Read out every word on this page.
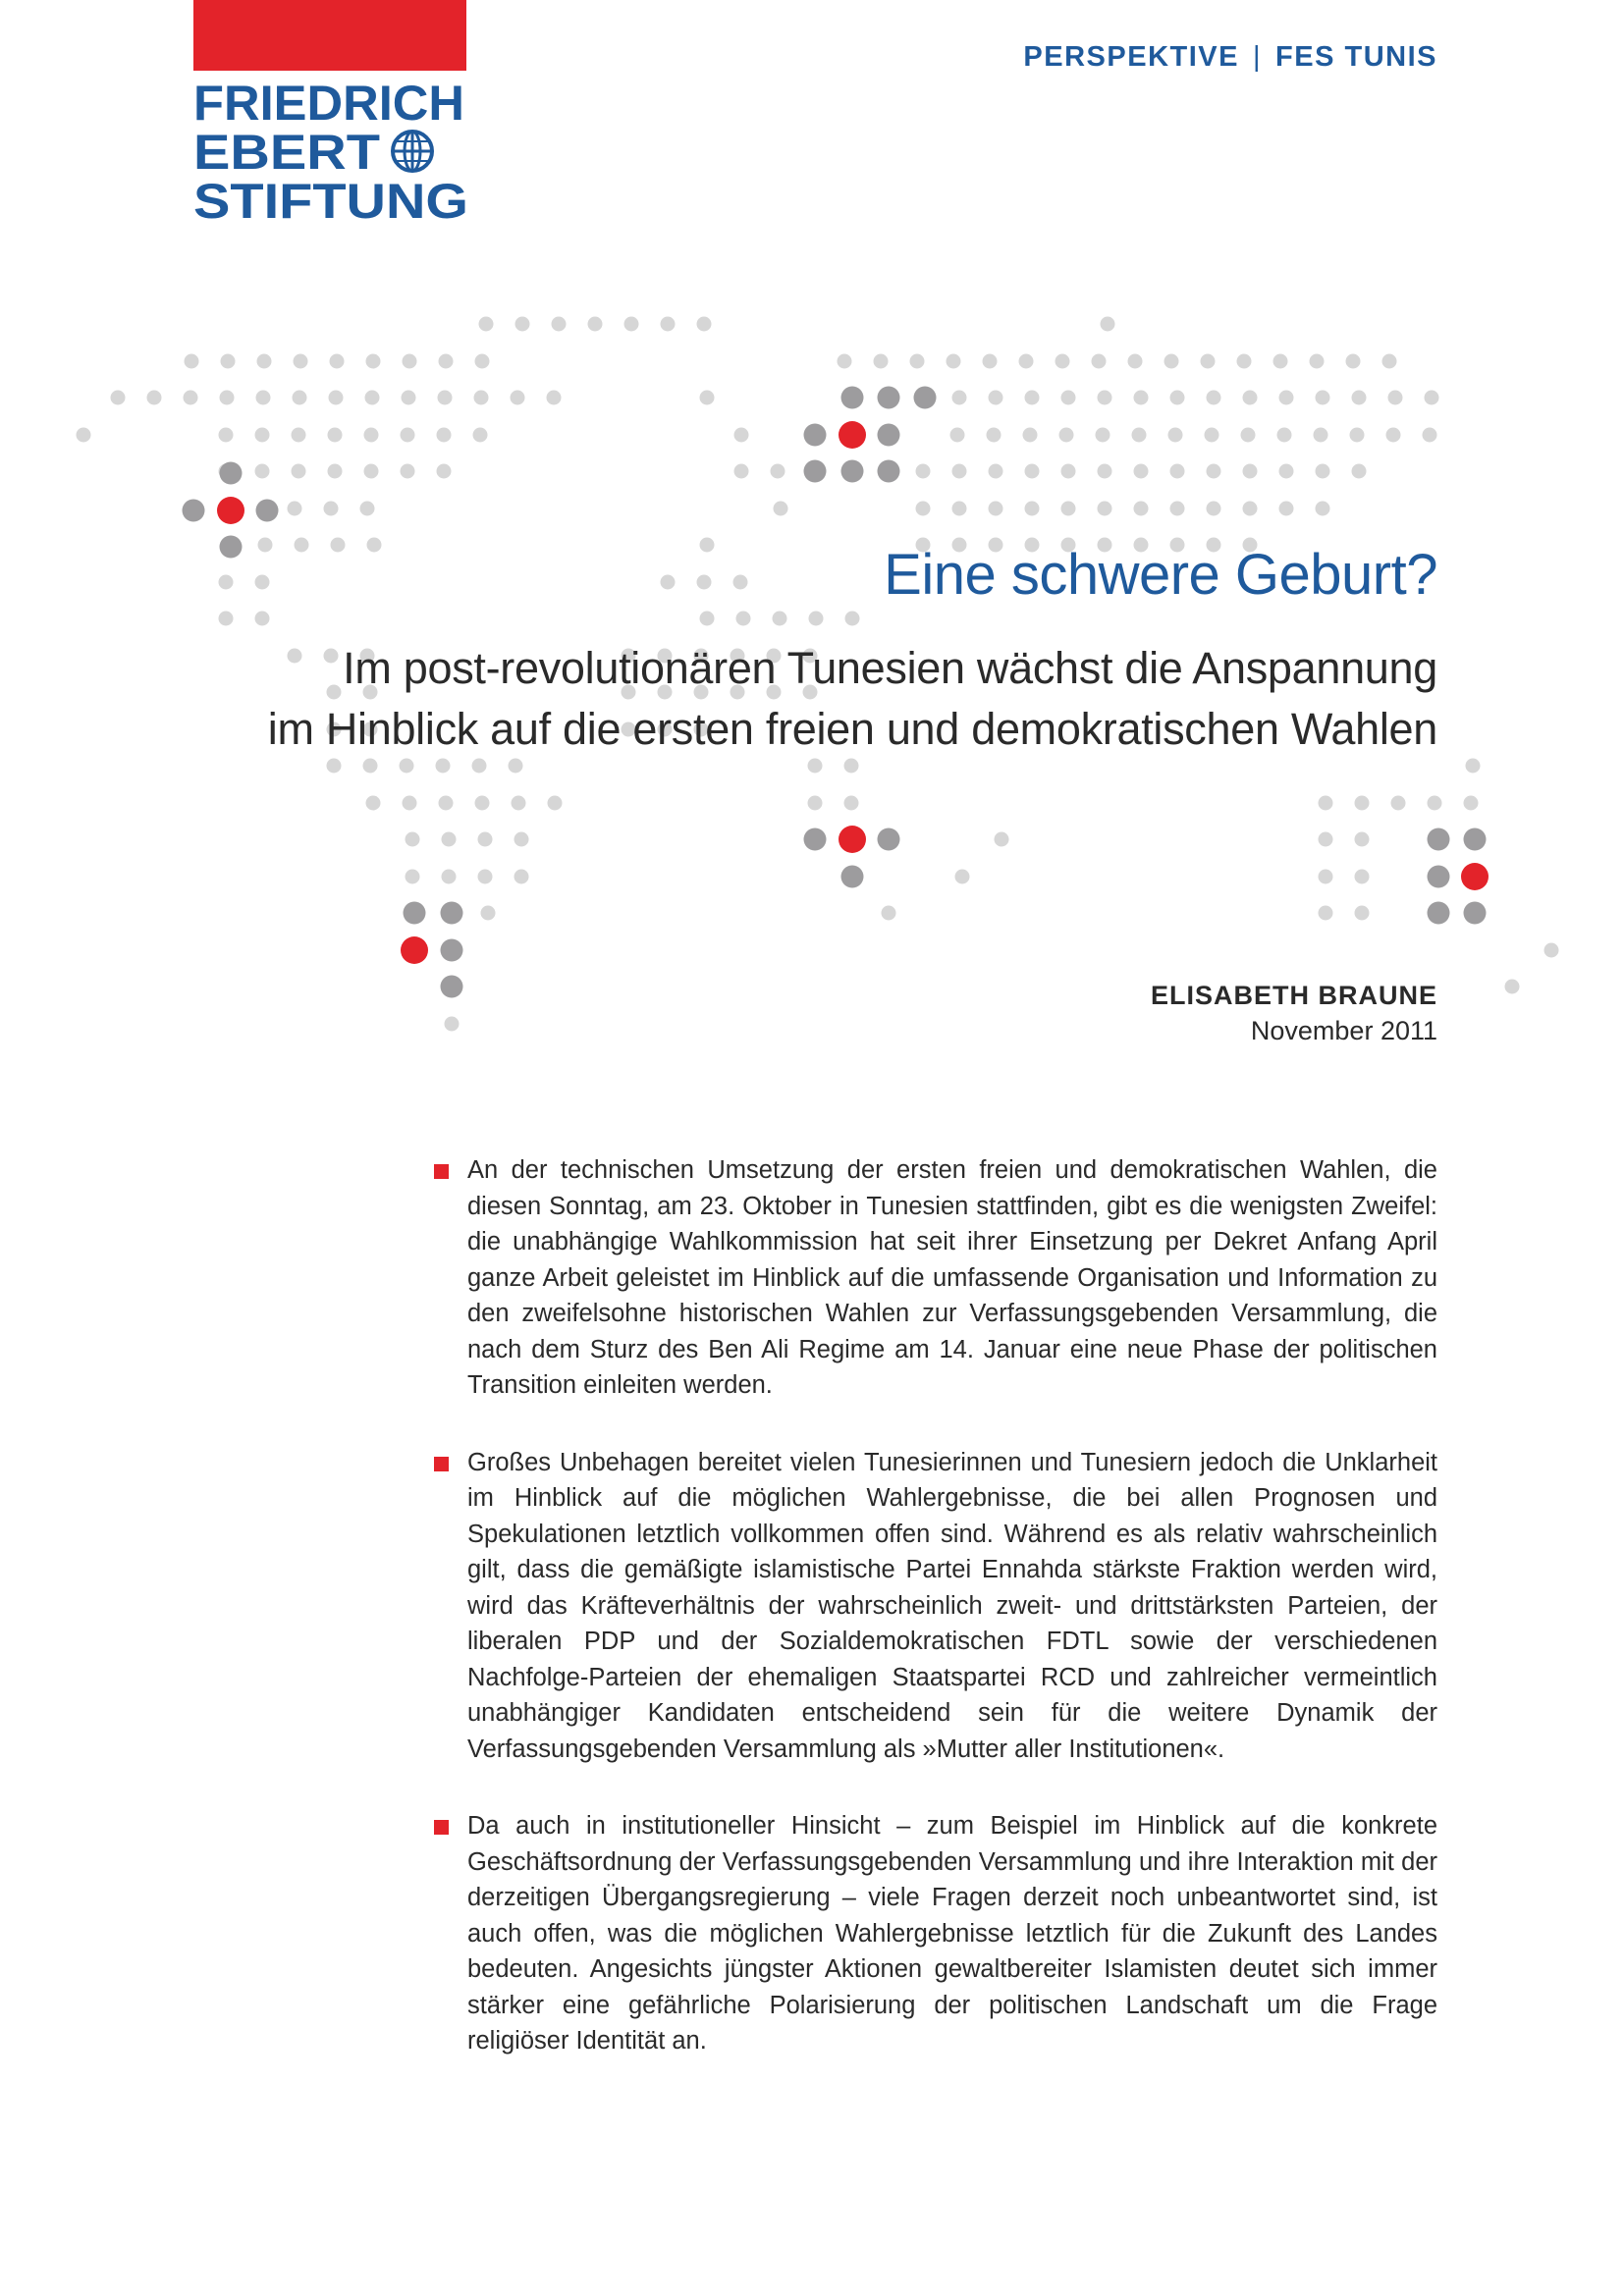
FRIEDRICH
EBERT
STIFTUNG
PERSPEKTIVE | FES TUNIS
Eine schwere Geburt?
Im post-revolutionären Tunesien wächst die Anspannung
im Hinblick auf die ersten freien und demokratischen Wahlen
ELISABETH BRAUNE
November 2011

An der technischen Umsetzung der ersten freien und demokratischen Wahlen, die diesen Sonntag, am 23. Oktober in Tunesien stattfinden, gibt es die wenigsten Zweifel: die unabhängige Wahlkommission hat seit ihrer Einsetzung per Dekret Anfang April ganze Arbeit geleistet im Hinblick auf die umfassende Organisation und Information zu den zweifelsohne historischen Wahlen zur Verfassungsgebenden Versammlung, die nach dem Sturz des Ben Ali Regime am 14. Januar eine neue Phase der politischen Transition einleiten werden.

Großes Unbehagen bereitet vielen Tunesierinnen und Tunesiern jedoch die Unklarheit im Hinblick auf die möglichen Wahlergebnisse, die bei allen Prognosen und Spekulationen letztlich vollkommen offen sind. Während es als relativ wahrscheinlich gilt, dass die gemäßigte islamistische Partei Ennahda stärkste Fraktion werden wird, wird das Kräfteverhältnis der wahrscheinlich zweit- und drittstärksten Parteien, der liberalen PDP und der Sozialdemokratischen FDTL sowie der verschiedenen Nachfolge-Parteien der ehemaligen Staatspartei RCD und zahlreicher vermeintlich unabhängiger Kandidaten entscheidend sein für die weitere Dynamik der Verfassungsgebenden Versammlung als »Mutter aller Institutionen«.

Da auch in institutioneller Hinsicht – zum Beispiel im Hinblick auf die konkrete Geschäftsordnung der Verfassungsgebenden Versammlung und ihre Interaktion mit der derzeitigen Übergangsregierung – viele Fragen derzeit noch unbeantwortet sind, ist auch offen, was die möglichen Wahlergebnisse letztlich für die Zukunft des Landes bedeuten. Angesichts jüngster Aktionen gewaltbereiter Islamisten deutet sich immer stärker eine gefährliche Polarisierung der politischen Landschaft um die Frage religiöser Identität an.
